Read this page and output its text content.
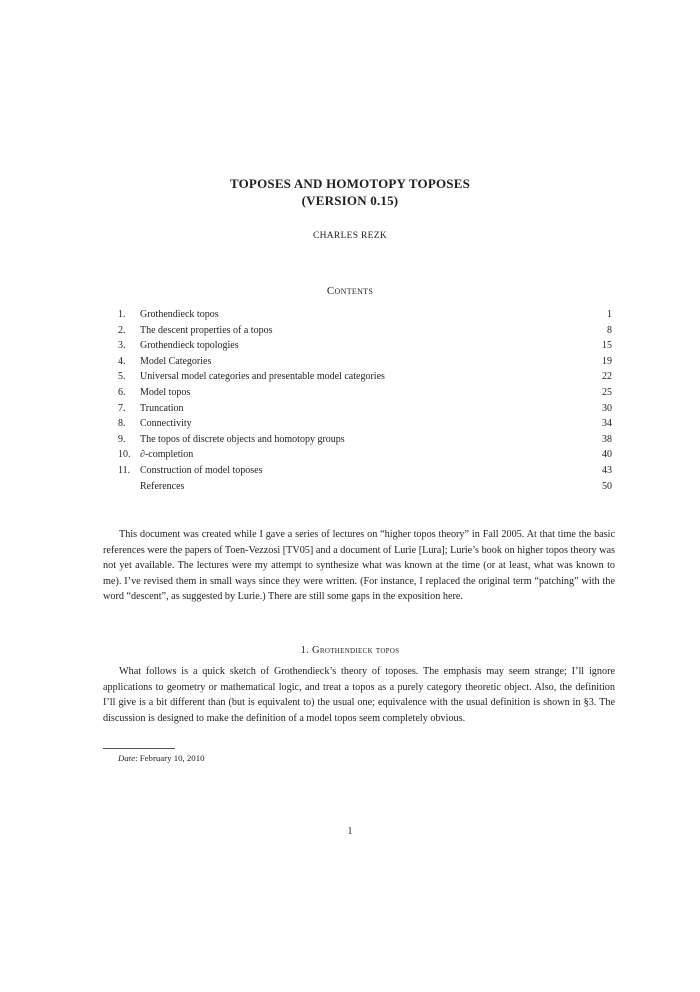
TOPOSES AND HOMOTOPY TOPOSES
(VERSION 0.15)
CHARLES REZK
Contents
1.	Grothendieck topos	1
2.	The descent properties of a topos	8
3.	Grothendieck topologies	15
4.	Model Categories	19
5.	Universal model categories and presentable model categories	22
6.	Model topos	25
7.	Truncation	30
8.	Connectivity	34
9.	The topos of discrete objects and homotopy groups	38
10. ∂-completion	40
11. Construction of model toposes	43
References	50

This document was created while I gave a series of lectures on “higher topos theory” in Fall 2005. At that time the basic references were the papers of Toen-Vezzosi [TV05] and a document of Lurie [Lura]; Lurie’s book on higher topos theory was not yet available. The lectures were my attempt to synthesize what was known at the time (or at least, what was known to me). I’ve revised them in small ways since they were written. (For instance, I replaced the original term “patching” with the word “descent”, as suggested by Lurie.) There are still some gaps in the exposition here.

1. Grothendieck topos

What follows is a quick sketch of Grothendieck’s theory of toposes. The emphasis may seem strange; I’ll ignore applications to geometry or mathematical logic, and treat a topos as a purely category theoretic object. Also, the definition I’ll give is a bit different than (but is equivalent to) the usual one; equivalence with the usual definition is shown in §3. The discussion is designed to make the definition of a model topos seem completely obvious.

Date: February 10, 2010
1
